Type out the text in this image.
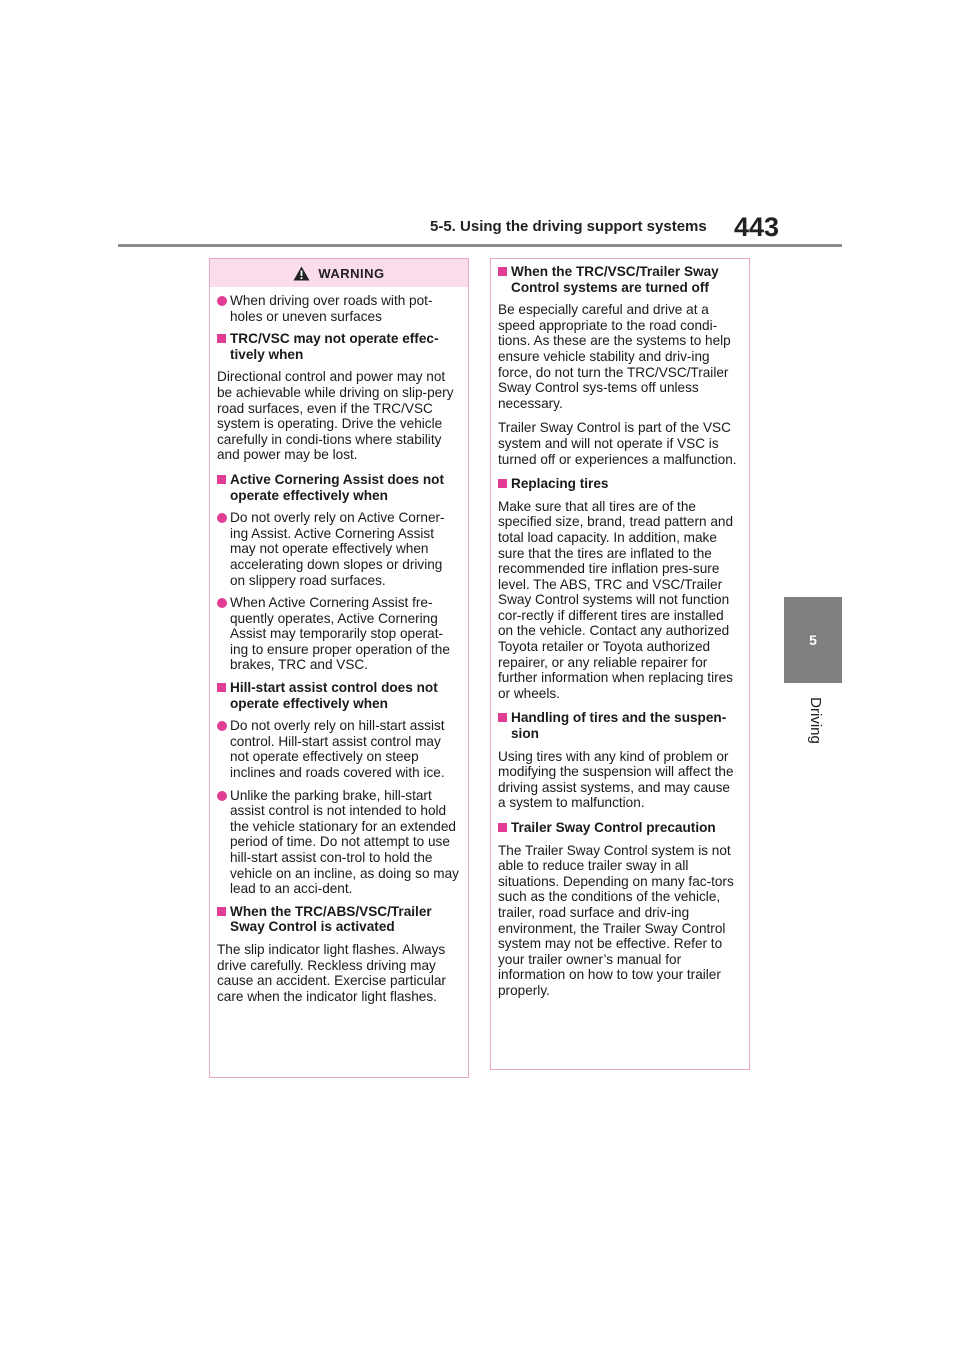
5-5. Using the driving support systems 443
5
Driving
WARNING
When driving over roads with pot-holes or uneven surfaces
TRC/VSC may not operate effec-tively when

Directional control and power may not be achievable while driving on slip-pery road surfaces, even if the TRC/VSC system is operating. Drive the vehicle carefully in condi-tions where stability and power may be lost.

Active Cornering Assist does not operate effectively when
Do not overly rely on Active Corner-ing Assist. Active Cornering Assist may not operate effectively when accelerating down slopes or driving on slippery road surfaces.
When Active Cornering Assist fre-quently operates, Active Cornering Assist may temporarily stop operat-ing to ensure proper operation of the brakes, TRC and VSC.
Hill-start assist control does not operate effectively when
Do not overly rely on hill-start assist control. Hill-start assist control may not operate effectively on steep inclines and roads covered with ice.
Unlike the parking brake, hill-start assist control is not intended to hold the vehicle stationary for an extended period of time. Do not attempt to use hill-start assist con-trol to hold the vehicle on an incline, as doing so may lead to an acci-dent.
When the TRC/ABS/VSC/Trailer Sway Control is activated

The slip indicator light flashes. Always drive carefully. Reckless driving may cause an accident. Exercise particular care when the indicator light flashes.

When the TRC/VSC/Trailer Sway Control systems are turned off

Be especially careful and drive at a speed appropriate to the road condi-tions. As these are the systems to help ensure vehicle stability and driv-ing force, do not turn the TRC/VSC/Trailer Sway Control sys-tems off unless necessary.

Trailer Sway Control is part of the VSC system and will not operate if VSC is turned off or experiences a malfunction.

Replacing tires

Make sure that all tires are of the specified size, brand, tread pattern and total load capacity. In addition, make sure that the tires are inflated to the recommended tire inflation pres-sure level. The ABS, TRC and VSC/Trailer Sway Control systems will not function cor-rectly if different tires are installed on the vehicle. Contact any authorized Toyota retailer or Toyota authorized repairer, or any reliable repairer for further information when replacing tires or wheels.

Handling of tires and the suspen-sion

Using tires with any kind of problem or modifying the suspension will affect the driving assist systems, and may cause a system to malfunction.

Trailer Sway Control precaution

The Trailer Sway Control system is not able to reduce trailer sway in all situations. Depending on many fac-tors such as the conditions of the vehicle, trailer, road surface and driv-ing environment, the Trailer Sway Control system may not be effective. Refer to your trailer owner’s manual for information on how to tow your trailer properly.
